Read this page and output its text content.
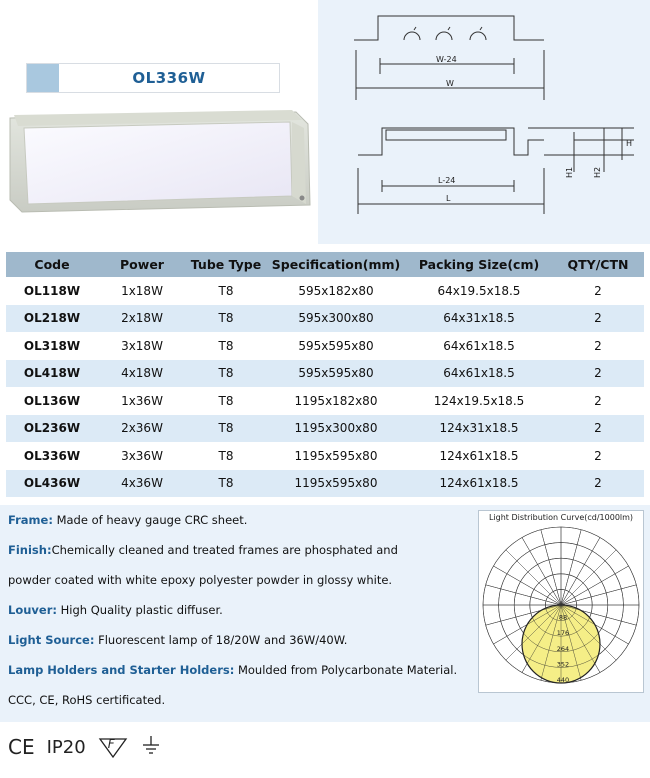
OL336W
W-24
W
L-24
L
H1 H2
H
Code	Power	Tube Type	Specification(mm)	Packing Size(cm)	QTY/CTN
OL118W	1x18W	T8	595x182x80	64x19.5x18.5	2
OL218W	2x18W	T8	595x300x80	64x31x18.5	2
OL318W	3x18W	T8	595x595x80	64x61x18.5	2
OL418W	4x18W	T8	595x595x80	64x61x18.5	2
OL136W	1x36W	T8	1195x182x80	124x19.5x18.5	2
OL236W	2x36W	T8	1195x300x80	124x31x18.5	2
OL336W	3x36W	T8	1195x595x80	124x61x18.5	2
OL436W	4x36W	T8	1195x595x80	124x61x18.5	2

Frame: Made of heavy gauge CRC sheet.

Finish:Chemically cleaned and treated frames are phosphated and

powder coated with white epoxy polyester powder in glossy white.

Louver: High Quality plastic diffuser.

Light Source: Fluorescent lamp of 18/20W and 36W/40W.

Lamp Holders and Starter Holders: Moulded from Polycarbonate Material.

CCC, CE, RoHS certificated.

Light Distribution Curve(cd/1000lm)
88
176
264
352
440
CE IP20 F
